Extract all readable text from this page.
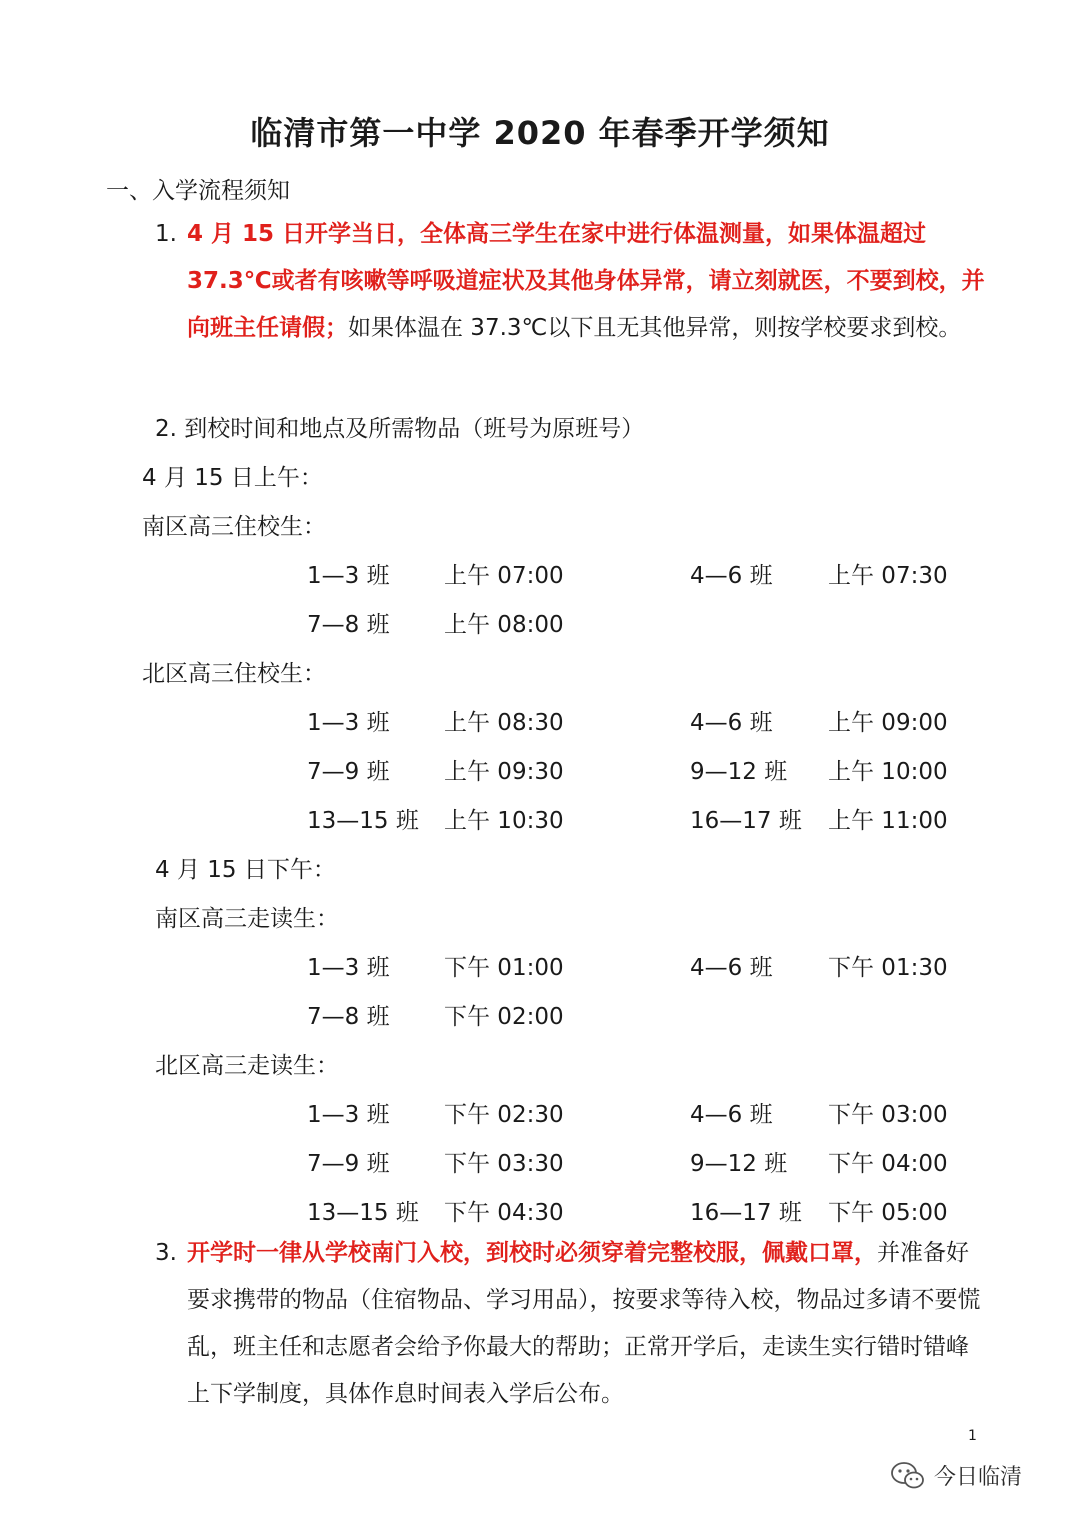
临清市第一中学 2020 年春季开学须知
一、入学流程须知
1. 4 月 15 日开学当日，全体高三学生在家中进行体温测量，如果体温超过 37.3℃或者有咳嗽等呼吸道症状及其他身体异常，请立刻就医，不要到校，并向班主任请假；如果体温在 37.3℃以下且无其他异常，则按学校要求到校。
2. 到校时间和地点及所需物品（班号为原班号）
4 月 15 日上午：
南区高三住校生：
1—3 班 上午 07:00	4—6 班 上午 07:30
7—8 班 上午 08:00
北区高三住校生：
1—3 班 上午 08:30	4—6 班 上午 09:00
7—9 班 上午 09:30	9—12 班 上午 10:00
13—15 班 上午 10:30	16—17 班 上午 11:00
4 月 15 日下午：
南区高三走读生：
1—3 班 下午 01:00	4—6 班 下午 01:30
7—8 班 下午 02:00
北区高三走读生：
1—3 班 下午 02:30	4—6 班 下午 03:00
7—9 班 下午 03:30	9—12 班 下午 04:00
13—15 班 下午 04:30	16—17 班 下午 05:00
3. 开学时一律从学校南门入校，到校时必须穿着完整校服，佩戴口罩，并准备好要求携带的物品（住宿物品、学习用品），按要求等待入校，物品过多请不要慌乱，班主任和志愿者会给予你最大的帮助；正常开学后，走读生实行错时错峰上下学制度，具体作息时间表入学后公布。
1
今日临清
